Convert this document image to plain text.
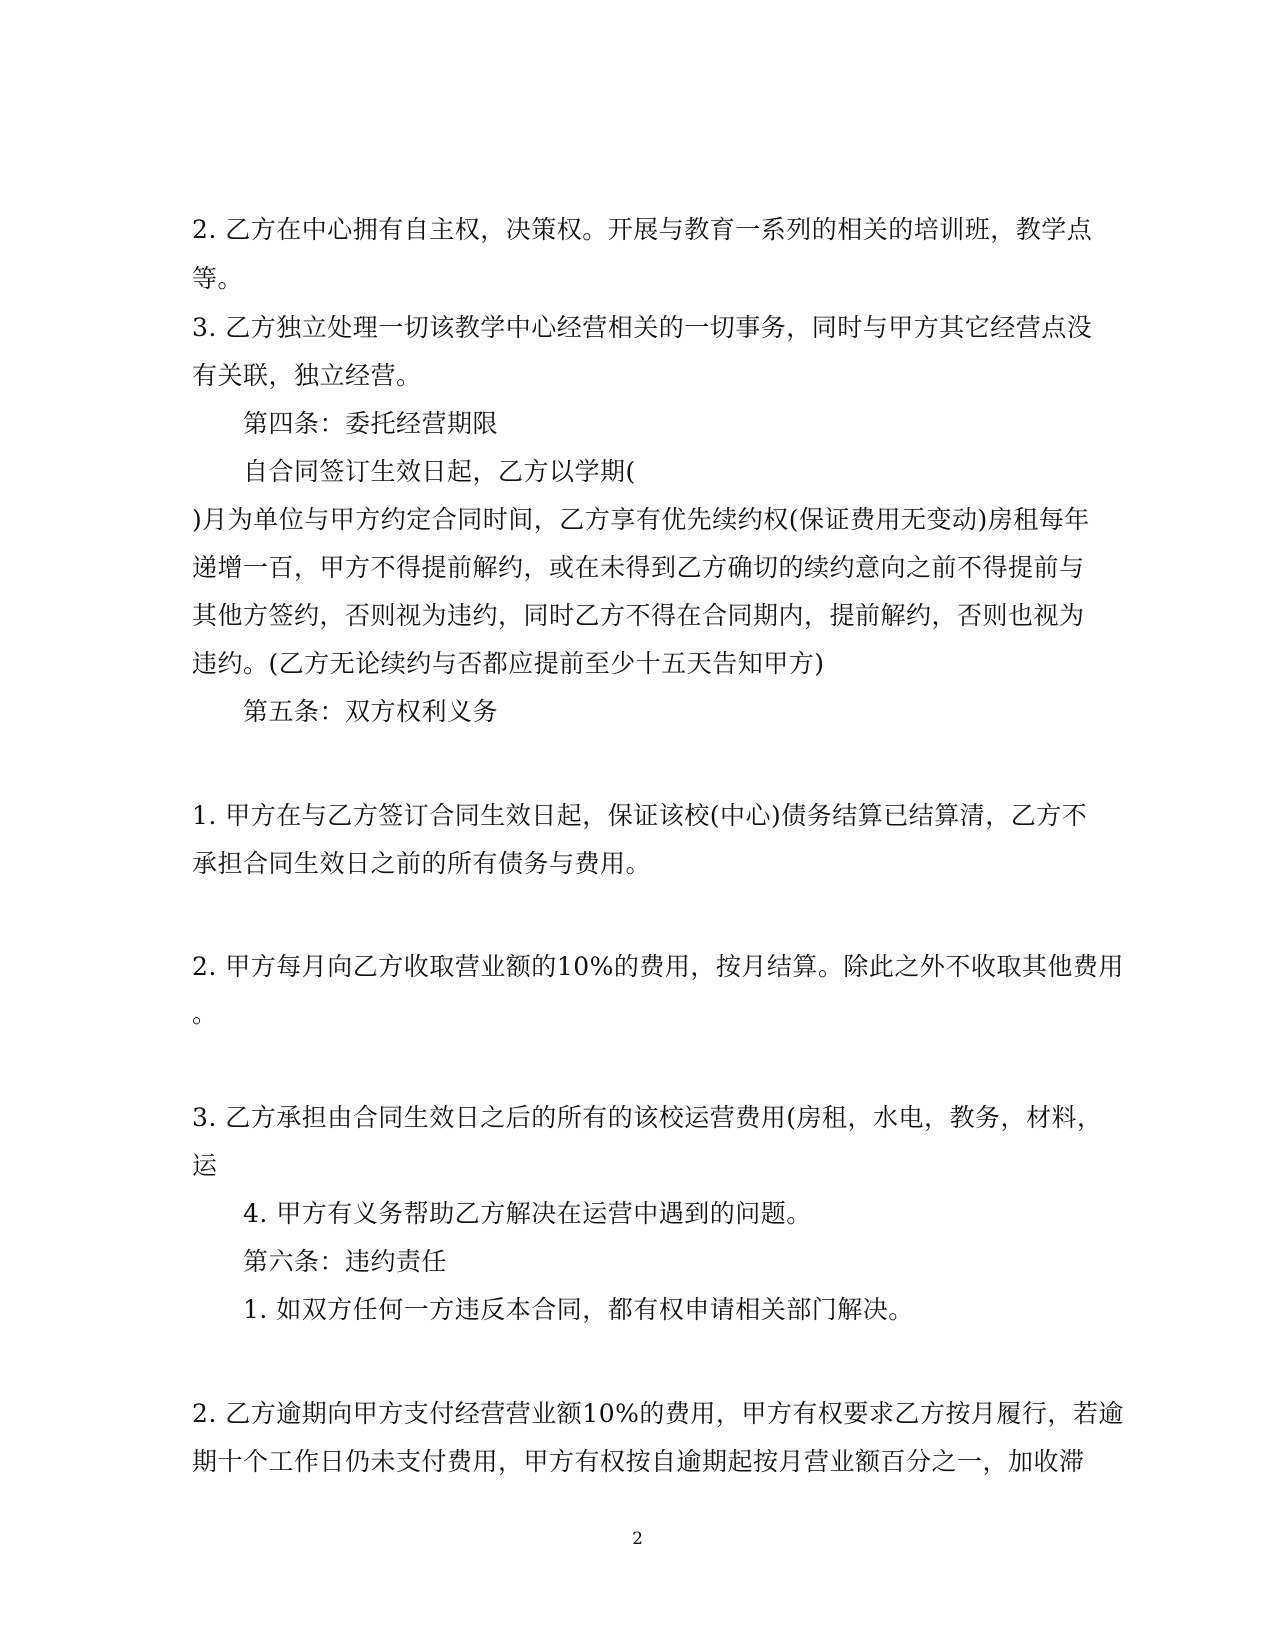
2. 乙方在中心拥有自主权，决策权。开展与教育一系列的相关的培训班，教学点
等。
3. 乙方独立处理一切该教学中心经营相关的一切事务，同时与甲方其它经营点没
有关联，独立经营。
第四条：委托经营期限
自合同签订生效日起，乙方以学期(
)月为单位与甲方约定合同时间，乙方享有优先续约权(保证费用无变动)房租每年
递增一百，甲方不得提前解约，或在未得到乙方确切的续约意向之前不得提前与
其他方签约，否则视为违约，同时乙方不得在合同期内，提前解约，否则也视为
违约。(乙方无论续约与否都应提前至少十五天告知甲方)
第五条：双方权利义务
1. 甲方在与乙方签订合同生效日起，保证该校(中心)债务结算已结算清，乙方不
承担合同生效日之前的所有债务与费用。
2. 甲方每月向乙方收取营业额的10%的费用，按月结算。除此之外不收取其他费用
。
3. 乙方承担由合同生效日之后的所有的该校运营费用(房租，水电，教务，材料，
运
4. 甲方有义务帮助乙方解决在运营中遇到的问题。
第六条：违约责任
1. 如双方任何一方违反本合同，都有权申请相关部门解决。
2. 乙方逾期向甲方支付经营营业额10%的费用，甲方有权要求乙方按月履行，若逾
期十个工作日仍未支付费用，甲方有权按自逾期起按月营业额百分之一，加收滞
2
